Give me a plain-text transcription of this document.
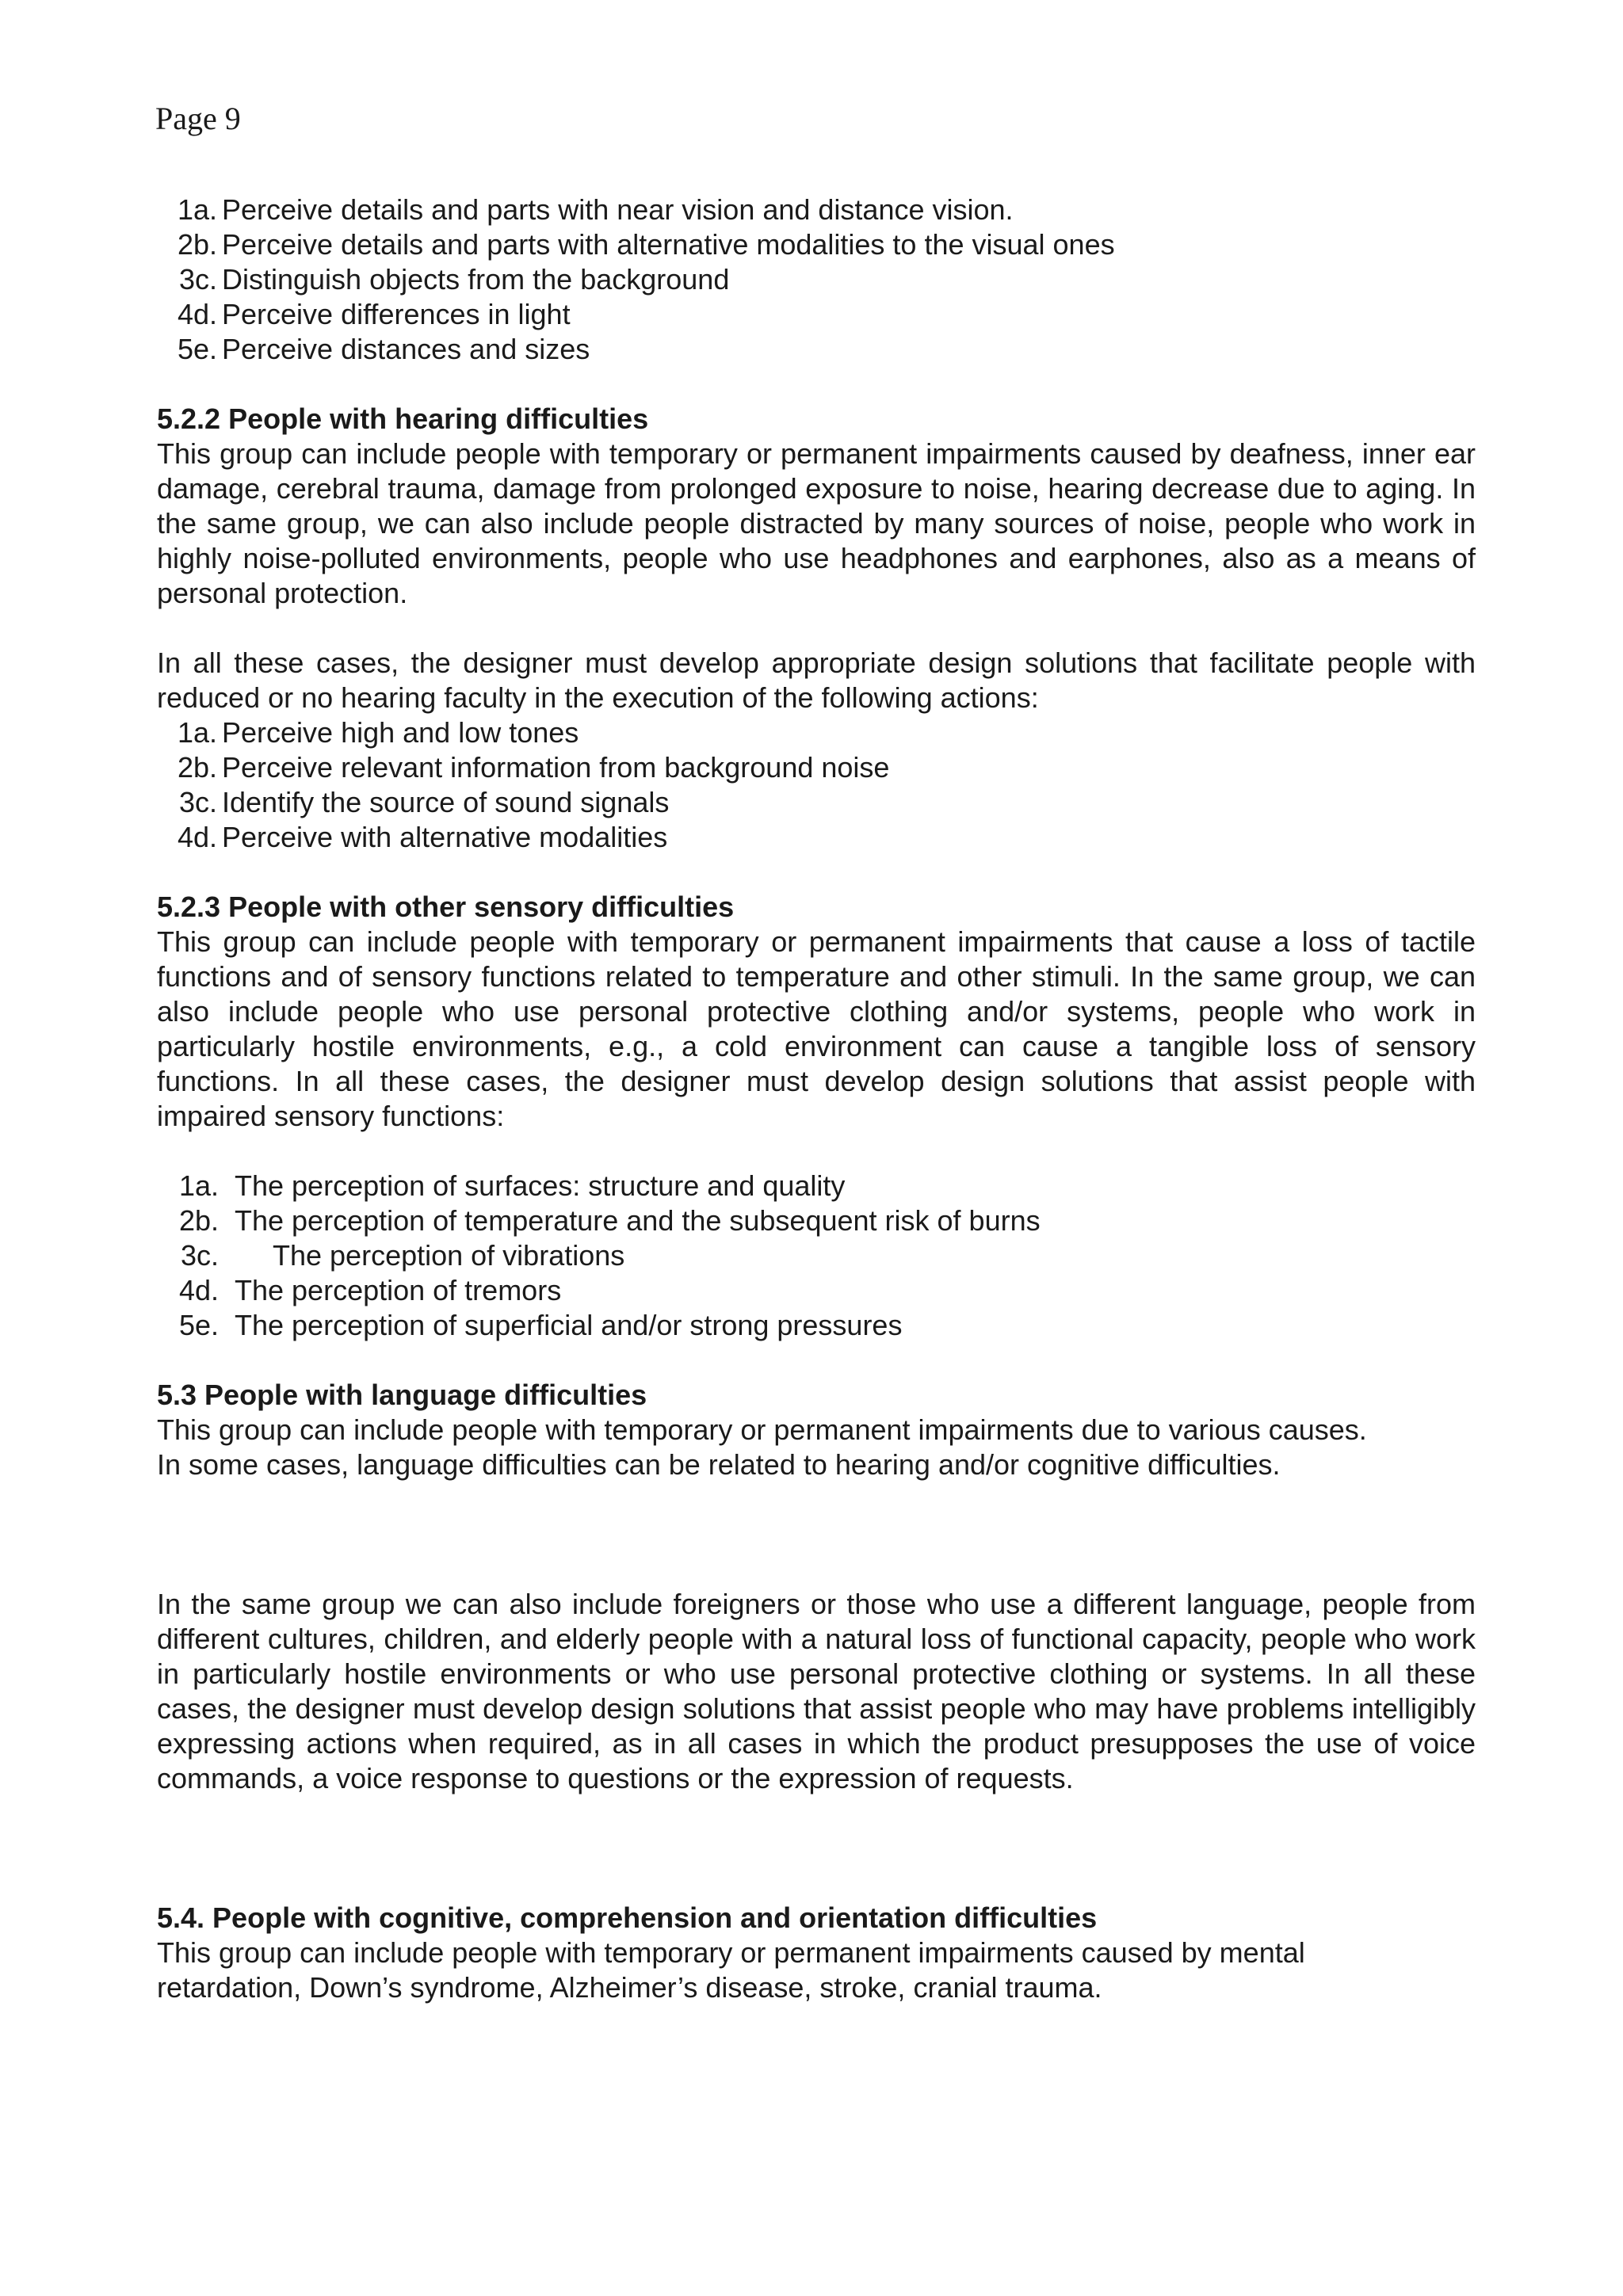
Page 9
1a. Perceive details and parts with near vision and distance vision.
2b. Perceive details and parts with alternative modalities to the visual ones
3c. Distinguish objects from the background
4d. Perceive differences in light
5e. Perceive distances and sizes

5.2.2 People with hearing difficulties

This group can include people with temporary or permanent impairments caused by deafness, inner ear damage, cerebral trauma, damage from prolonged exposure to noise, hearing decrease due to aging. In the same group, we can also include people distracted by many sources of noise, people who work in highly noise-polluted environments, people who use headphones and earphones, also as a means of personal protection.

In all these cases, the designer must develop appropriate design solutions that facilitate people with reduced or no hearing faculty in the execution of the following actions:

1a. Perceive high and low tones
2b. Perceive relevant information from background noise
3c. Identify the source of sound signals
4d. Perceive with alternative modalities

5.2.3 People with other sensory difficulties

This group can include people with temporary or permanent impairments that cause a loss of tactile functions and of sensory functions related to temperature and other stimuli. In the same group, we can also include people who use personal protective clothing and/or systems, people who work in particularly hostile environments, e.g., a cold environment can cause a tangible loss of sensory functions. In all these cases, the designer must develop design solutions that assist people with impaired sensory functions:

1a. The perception of surfaces: structure and quality
2b. The perception of temperature and the subsequent risk of burns
3c. The perception of vibrations
4d. The perception of tremors
5e. The perception of superficial and/or strong pressures

5.3 People with language difficulties

This group can include people with temporary or permanent impairments due to various causes.

In some cases, language difficulties can be related to hearing and/or cognitive difficulties.

In the same group we can also include foreigners or those who use a different language, people from different cultures, children, and elderly people with a natural loss of functional capacity, people who work in particularly hostile environments or who use personal protective clothing or systems. In all these cases, the designer must develop design solutions that assist people who may have problems intelligibly expressing actions when required, as in all cases in which the product presupposes the use of voice commands, a voice response to questions or the expression of requests.

5.4. People with cognitive, comprehension and orientation difficulties

This group can include people with temporary or permanent impairments caused by mental

retardation, Down’s syndrome, Alzheimer’s disease, stroke, cranial trauma.
